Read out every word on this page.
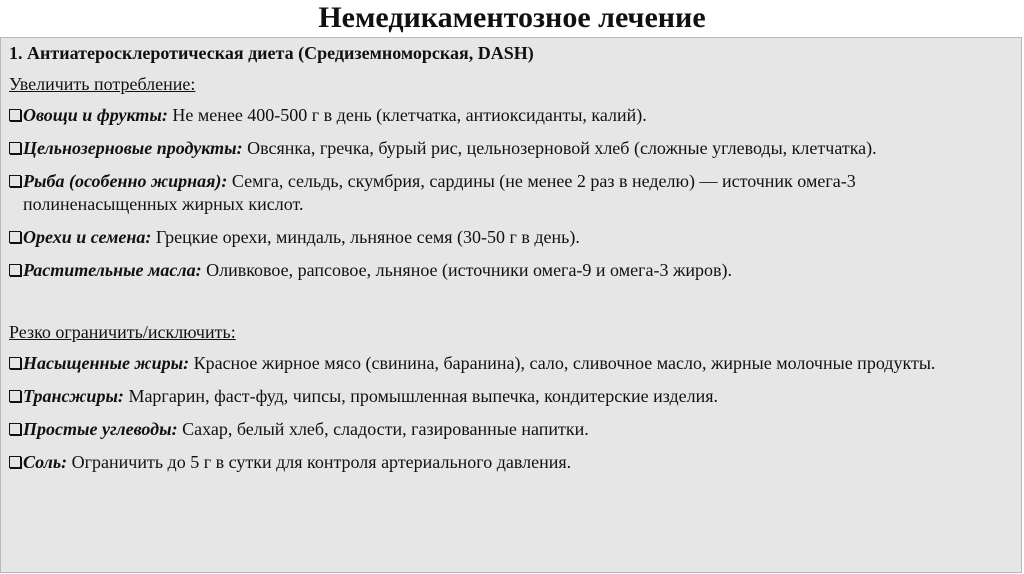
Немедикаментозное лечение
1. Антиатеросклеротическая диета (Средиземноморская, DASH)
Увеличить потребление:
Овощи и фрукты: Не менее 400-500 г в день (клетчатка, антиоксиданты, калий).
Цельнозерновые продукты: Овсянка, гречка, бурый рис, цельнозерновой хлеб (сложные углеводы, клетчатка).
Рыба (особенно жирная): Семга, сельдь, скумбрия, сардины (не менее 2 раз в неделю) — источник омега-3 полиненасыщенных жирных кислот.
Орехи и семена: Грецкие орехи, миндаль, льняное семя (30-50 г в день).
Растительные масла: Оливковое, рапсовое, льняное (источники омега-9 и омега-3 жиров).
Резко ограничить/исключить:
Насыщенные жиры: Красное жирное мясо (свинина, баранина), сало, сливочное масло, жирные молочные продукты.
Трансжиры: Маргарин, фаст-фуд, чипсы, промышленная выпечка, кондитерские изделия.
Простые углеводы: Сахар, белый хлеб, сладости, газированные напитки.
Соль: Ограничить до 5 г в сутки для контроля артериального давления.
